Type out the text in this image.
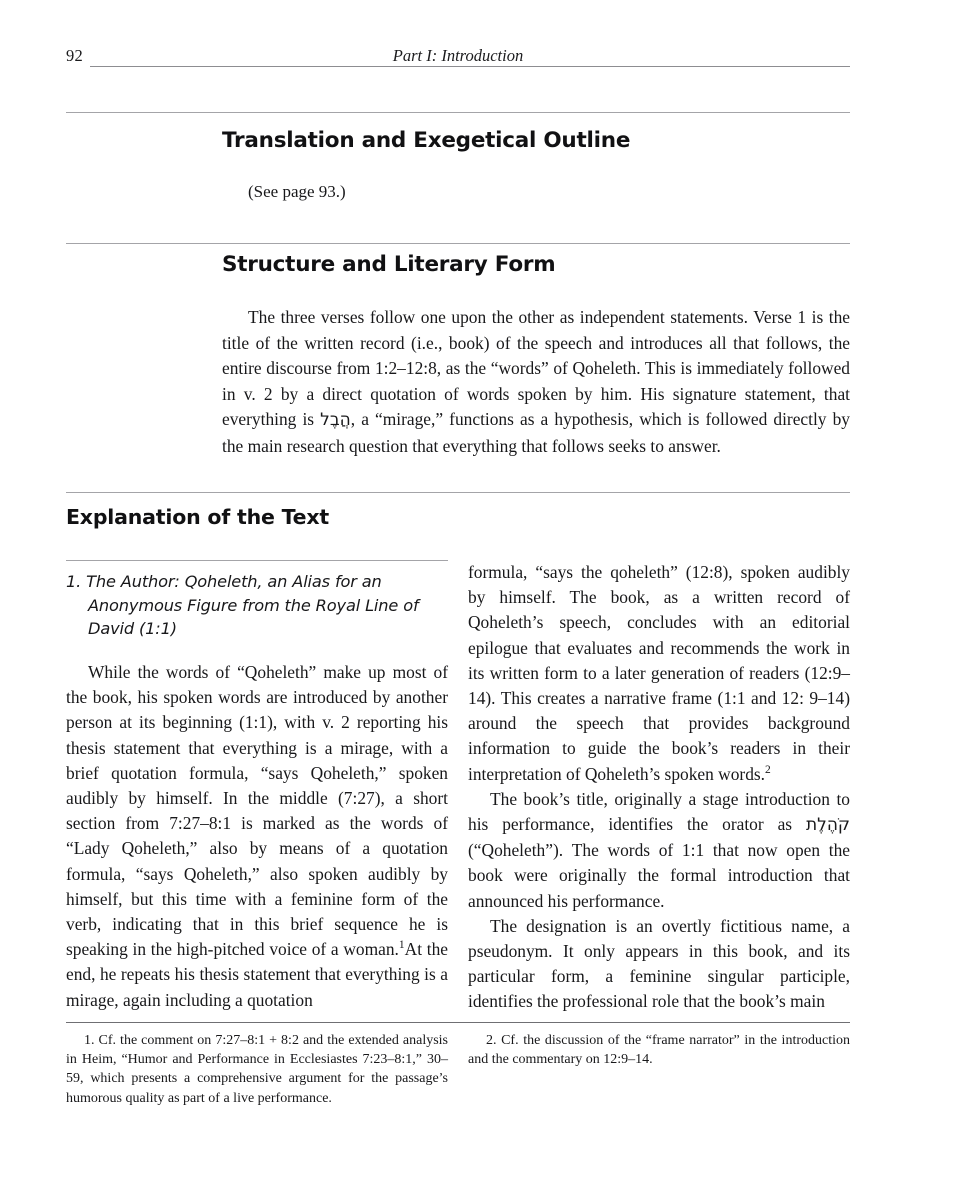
92	Part I: Introduction
Translation and Exegetical Outline
(See page 93.)
Structure and Literary Form
The three verses follow one upon the other as independent statements. Verse 1 is the title of the written record (i.e., book) of the speech and introduces all that follows, the entire discourse from 1:2–12:8, as the “words” of Qoheleth. This is immediately followed in v. 2 by a direct quotation of words spoken by him. His signature statement, that everything is הֲבֶל, a “mirage,” functions as a hypothesis, which is followed directly by the main research question that everything that follows seeks to answer.
Explanation of the Text
1. The Author: Qoheleth, an Alias for an Anonymous Figure from the Royal Line of David (1:1)

While the words of “Qoheleth” make up most of the book, his spoken words are introduced by another person at its beginning (1:1), with v. 2 reporting his thesis statement that everything is a mirage, with a brief quotation formula, “says Qoheleth,” spoken audibly by himself. In the middle (7:27), a short section from 7:27–8:1 is marked as the words of “Lady Qoheleth,” also by means of a quotation formula, “says Qoheleth,” also spoken audibly by himself, but this time with a feminine form of the verb, indicating that in this brief sequence he is speaking in the high-pitched voice of a woman.$^1$At the end, he repeats his thesis statement that everything is a mirage, again including a quotation

formula, “says the qoheleth” (12:8), spoken audibly by himself. The book, as a written record of Qoheleth’s speech, concludes with an editorial epilogue that evaluates and recommends the work in its written form to a later generation of readers (12:9–14). This creates a narrative frame (1:1 and 12: 9–14) around the speech that provides background information to guide the book’s readers in their interpretation of Qoheleth’s spoken words.$^2$

The book’s title, originally a stage introduction to his performance, identifies the orator as קֹהֶלֶת (“Qoheleth”). The words of 1:1 that now open the book were originally the formal introduction that announced his performance.

The designation is an overtly fictitious name, a pseudonym. It only appears in this book, and its particular form, a feminine singular participle, identifies the professional role that the book’s main

1. Cf. the comment on 7:27–8:1 + 8:2 and the extended analysis in Heim, “Humor and Performance in Ecclesiastes 7:23–8:1,” 30–59, which presents a comprehensive argument for the passage’s humorous quality as part of a live performance.

2. Cf. the discussion of the “frame narrator” in the introduction and the commentary on 12:9–14.
